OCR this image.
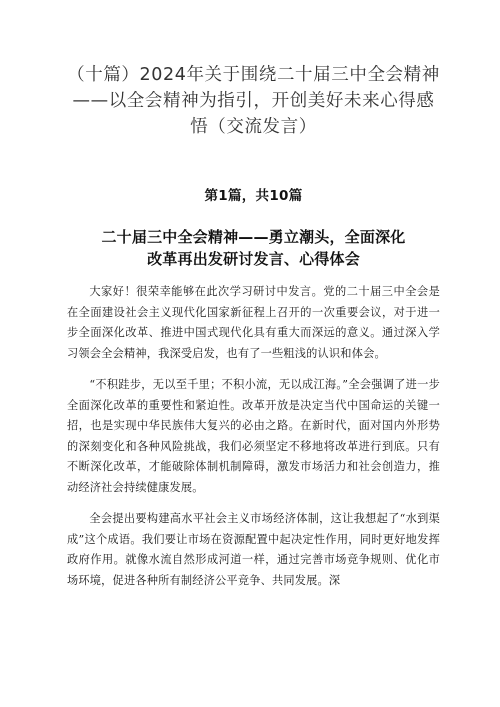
（十篇）2024年关于围绕二十届三中全会精神——以全会精神为指引，开创美好未来心得感悟（交流发言）
第1篇，共10篇
二十届三中全会精神——勇立潮头，全面深化
改革再出发研讨发言、心得体会

大家好！很荣幸能够在此次学习研讨中发言。党的二十届三中全会是在全面建设社会主义现代化国家新征程上召开的一次重要会议，对于进一步全面深化改革、推进中国式现代化具有重大而深远的意义。通过深入学习领会全会精神，我深受启发，也有了一些粗浅的认识和体会。

“不积跬步，无以至千里；不积小流，无以成江海。”全会强调了进一步全面深化改革的重要性和紧迫性。改革开放是决定当代中国命运的关键一招，也是实现中华民族伟大复兴的必由之路。在新时代，面对国内外形势的深刻变化和各种风险挑战，我们必须坚定不移地将改革进行到底。只有不断深化改革，才能破除体制机制障碍，激发市场活力和社会创造力，推动经济社会持续健康发展。

全会提出要构建高水平社会主义市场经济体制，这让我想起了“水到渠成”这个成语。我们要让市场在资源配置中起决定性作用，同时更好地发挥政府作用。就像水流自然形成河道一样，通过完善市场竞争规则、优化市场环境，促进各种所有制经济公平竞争、共同发展。深
